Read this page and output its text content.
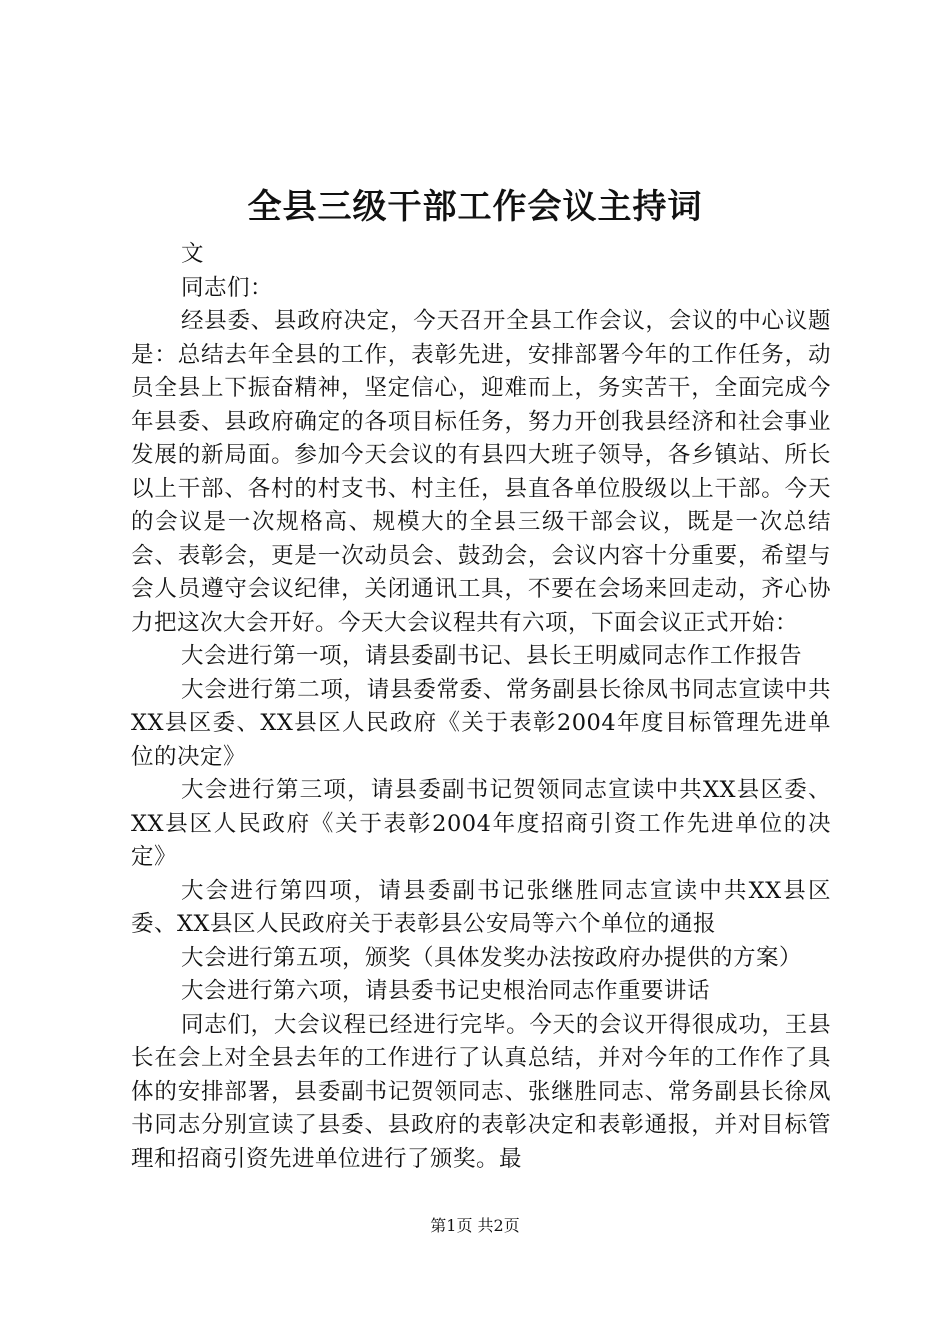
全县三级干部工作会议主持词

文

同志们：

经县委、县政府决定，今天召开全县工作会议，会议的中心议题是：总结去年全县的工作，表彰先进，安排部署今年的工作任务，动员全县上下振奋精神，坚定信心，迎难而上，务实苦干，全面完成今年县委、县政府确定的各项目标任务，努力开创我县经济和社会事业发展的新局面。参加今天会议的有县四大班子领导，各乡镇站、所长以上干部、各村的村支书、村主任，县直各单位股级以上干部。今天的会议是一次规格高、规模大的全县三级干部会议，既是一次总结会、表彰会，更是一次动员会、鼓劲会，会议内容十分重要，希望与会人员遵守会议纪律，关闭通讯工具，不要在会场来回走动，齐心协力把这次大会开好。今天大会议程共有六项，下面会议正式开始：

大会进行第一项，请县委副书记、县长王明威同志作工作报告

大会进行第二项，请县委常委、常务副县长徐凤书同志宣读中共XX县区委、XX县区人民政府《关于表彰2004年度目标管理先进单位的决定》

大会进行第三项，请县委副书记贺领同志宣读中共XX县区委、XX县区人民政府《关于表彰2004年度招商引资工作先进单位的决定》

大会进行第四项，请县委副书记张继胜同志宣读中共XX县区委、XX县区人民政府关于表彰县公安局等六个单位的通报

大会进行第五项，颁奖（具体发奖办法按政府办提供的方案）

大会进行第六项，请县委书记史根治同志作重要讲话

同志们，大会议程已经进行完毕。今天的会议开得很成功，王县长在会上对全县去年的工作进行了认真总结，并对今年的工作作了具体的安排部署，县委副书记贺领同志、张继胜同志、常务副县长徐凤书同志分别宣读了县委、县政府的表彰决定和表彰通报，并对目标管理和招商引资先进单位进行了颁奖。最

第1页 共2页
